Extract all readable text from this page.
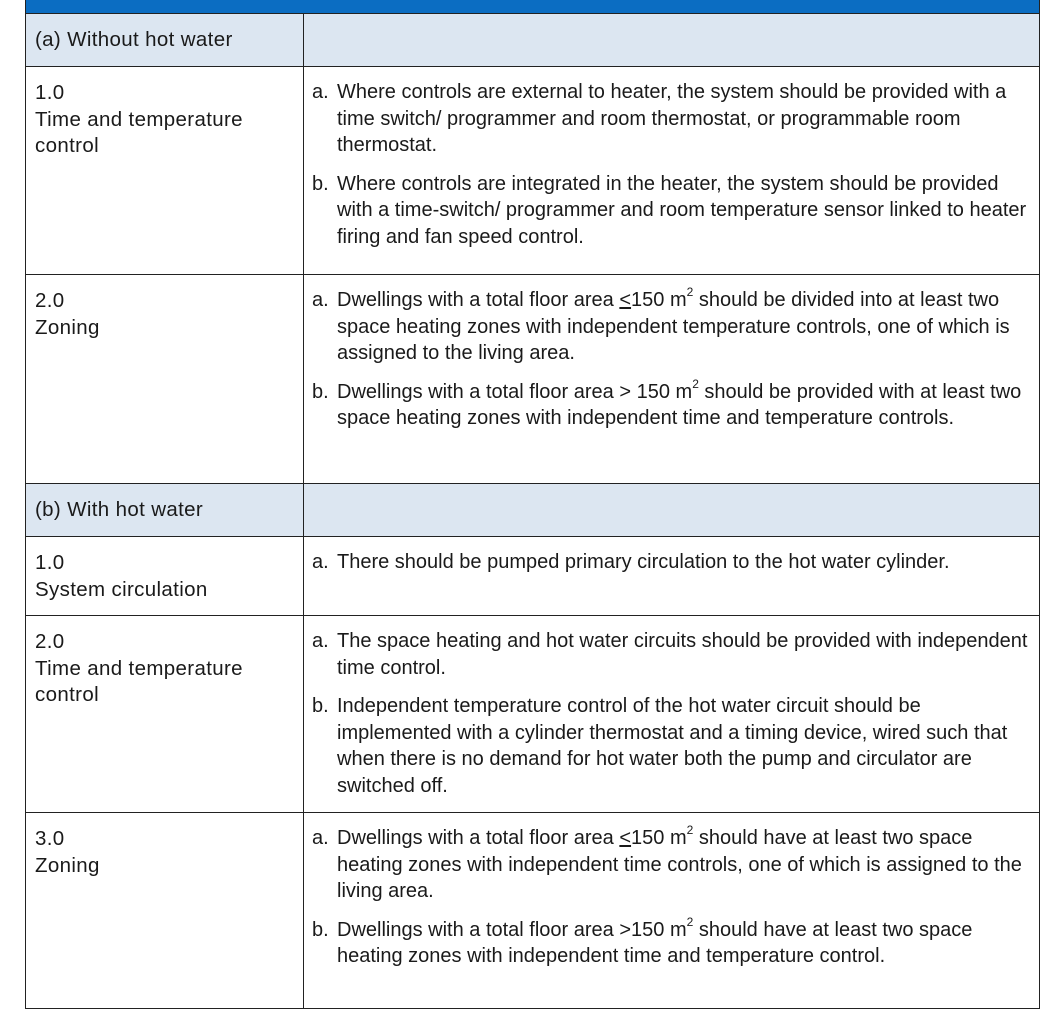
(a) Without hot water
1.0
Time and temperature control
a. Where controls are external to heater, the system should be provided with a time switch/ programmer and room thermostat, or programmable room thermostat.
b. Where controls are integrated in the heater, the system should be provided with a time-switch/ programmer and room temperature sensor linked to heater firing and fan speed control.
2.0
Zoning
a. Dwellings with a total floor area <150 $m^2$ should be divided into at least two space heating zones with independent temperature controls, one of which is assigned to the living area.
b. Dwellings with a total floor area > 150 $m^2$ should be provided with at least two space heating zones with independent time and temperature controls.
(b) With hot water
1.0
System circulation
a. There should be pumped primary circulation to the hot water cylinder.
2.0
Time and temperature control
a. The space heating and hot water circuits should be provided with independent time control.
b. Independent temperature control of the hot water circuit should be implemented with a cylinder thermostat and a timing device, wired such that when there is no demand for hot water both the pump and circulator are switched off.
3.0
Zoning
a. Dwellings with a total floor area <150 $m^2$ should have at least two space heating zones with independent time controls, one of which is assigned to the living area.
b. Dwellings with a total floor area >150 $m^2$ should have at least two space heating zones with independent time and temperature control.
